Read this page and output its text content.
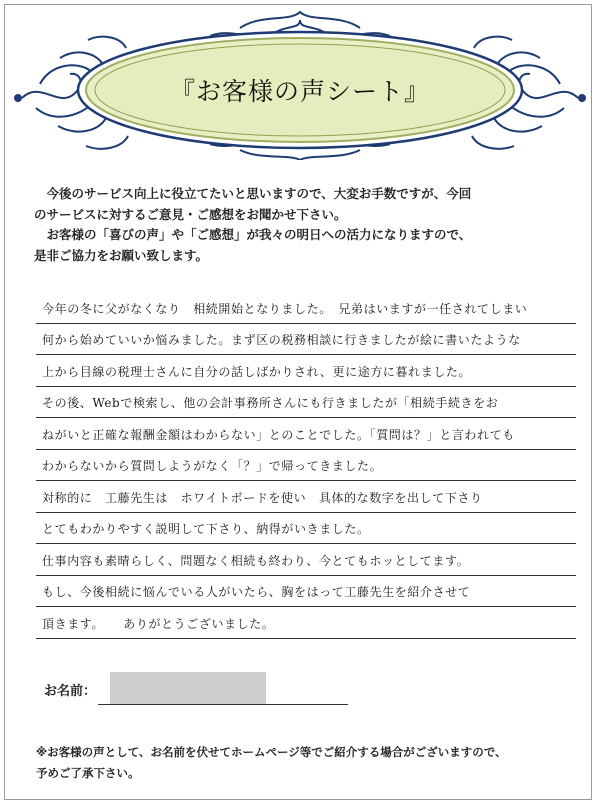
『お客様の声シート』

今後のサービス向上に役立てたいと思いますので、大変お手数ですが、今回

のサービスに対するご意見・ご感想をお聞かせ下さい。

お客様の「喜びの声」や「ご感想」が我々の明日への活力になりますので、

是非ご協力をお願い致します。

今年の冬に父がなくなり　相続開始となりました。　兄弟はいますが一任されてしまい
何から始めていいか悩みました。まず区の税務相談に行きましたが絵に書いたような
上から目線の税理士さんに自分の話しばかりされ、更に途方に暮れました。
その後、Webで検索し、他の会計事務所さんにも行きましたが「相続手続きをお
ねがいと正確な報酬金額はわからない」とのことでした。「質問は？」と言われても
わからないから質問しようがなく「？」で帰ってきました。
対称的に　工藤先生は　ホワイトボードを使い　具体的な数字を出して下さり
とてもわかりやすく説明して下さり、納得がいきました。
仕事内容も素晴らしく、問題なく相続も終わり、今とてもホッとしてます。
もし、今後相続に悩んでいる人がいたら、胸をはって工藤先生を紹介させて
頂きます。　　ありがとうございました。
お名前：

※お客様の声として、お名前を伏せてホームページ等でご紹介する場合がございますので、

予めご了承下さい。
